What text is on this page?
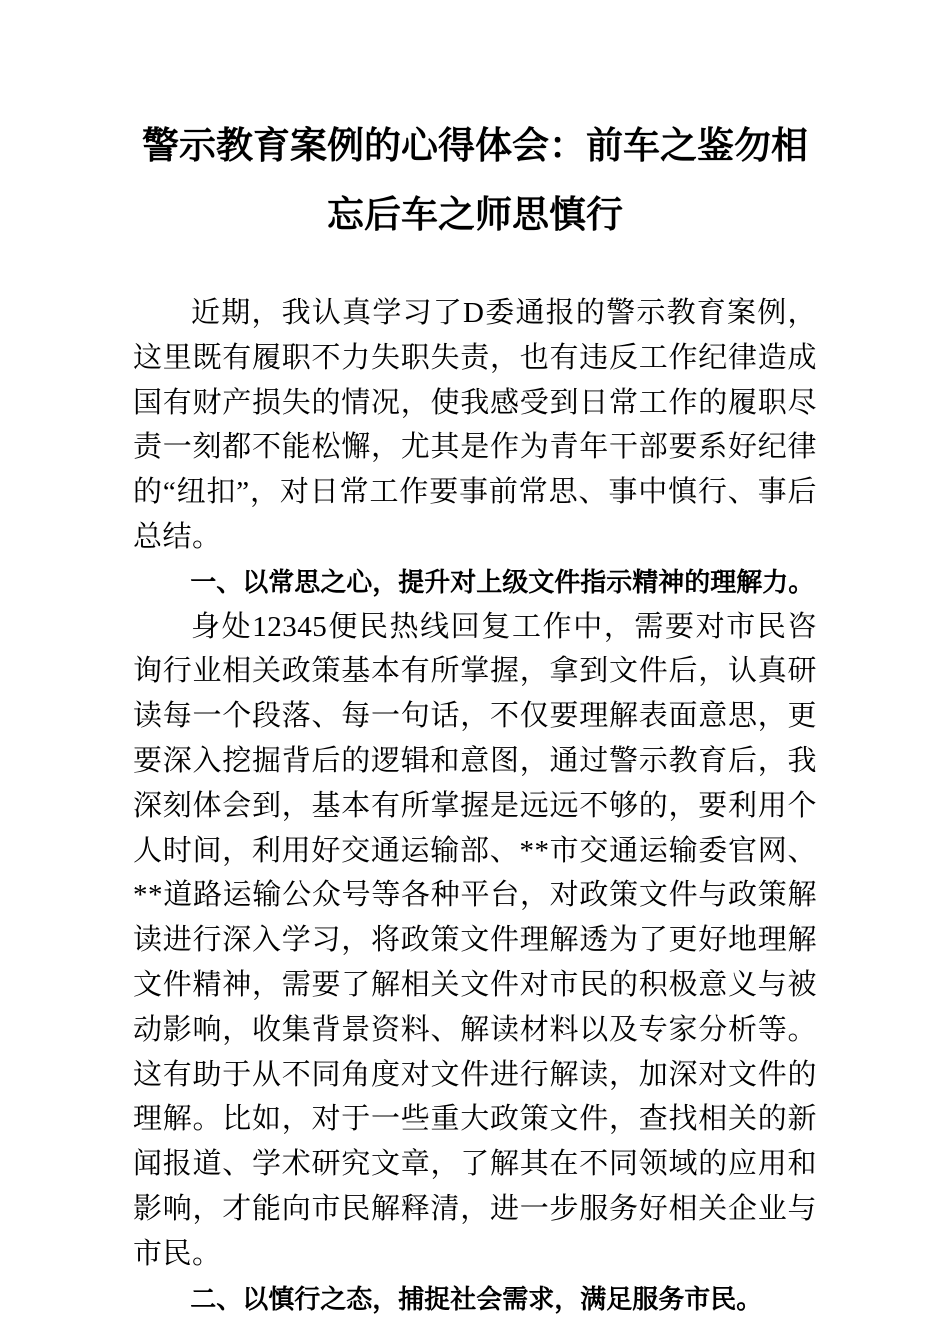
警示教育案例的心得体会：前车之鉴勿相忘后车之师思慎行

近期，我认真学习了D委通报的警示教育案例，这里既有履职不力失职失责，也有违反工作纪律造成国有财产损失的情况，使我感受到日常工作的履职尽责一刻都不能松懈，尤其是作为青年干部要系好纪律的“纽扣”，对日常工作要事前常思、事中慎行、事后总结。

一、以常思之心，提升对上级文件指示精神的理解力。

身处12345便民热线回复工作中，需要对市民咨询行业相关政策基本有所掌握，拿到文件后，认真研读每一个段落、每一句话，不仅要理解表面意思，更要深入挖掘背后的逻辑和意图，通过警示教育后，我深刻体会到，基本有所掌握是远远不够的，要利用个人时间，利用好交通运输部、**市交通运输委官网、**道路运输公众号等各种平台，对政策文件与政策解读进行深入学习，将政策文件理解透为了更好地理解文件精神，需要了解相关文件对市民的积极意义与被动影响，收集背景资料、解读材料以及专家分析等。这有助于从不同角度对文件进行解读，加深对文件的理解。比如，对于一些重大政策文件，查找相关的新闻报道、学术研究文章，了解其在不同领域的应用和影响，才能向市民解释清，进一步服务好相关企业与市民。

二、以慎行之态，捕捉社会需求，满足服务市民。
